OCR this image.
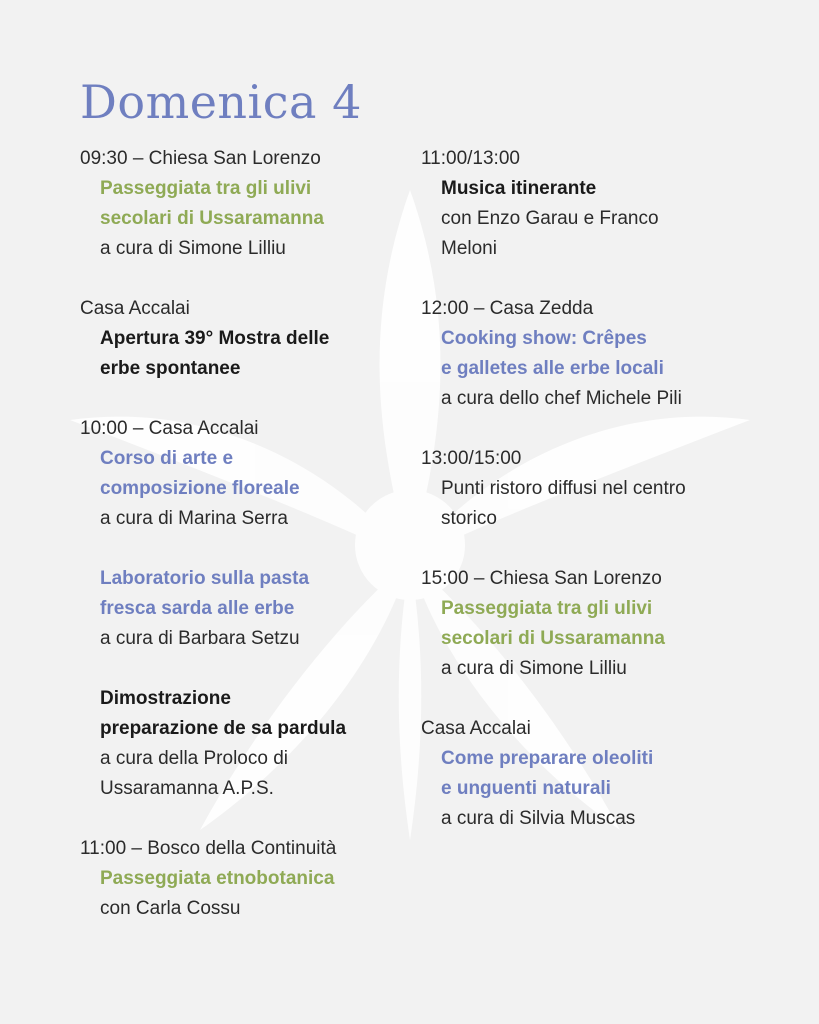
Domenica 4
09:30 – Chiesa San Lorenzo
Passeggiata tra gli ulivi
secolari di Ussaramanna
a cura di Simone Lilliu
Casa Accalai
Apertura 39° Mostra delle
erbe spontanee
10:00 – Casa Accalai
Corso di arte e
composizione floreale
a cura di Marina Serra
Laboratorio sulla pasta
fresca sarda alle erbe
a cura di Barbara Setzu
Dimostrazione
preparazione de sa pardula
a cura della Proloco di
Ussaramanna A.P.S.
11:00 – Bosco della Continuità
Passeggiata etnobotanica
con Carla Cossu
11:00/13:00
Musica itinerante
con Enzo Garau e Franco
Meloni
12:00 – Casa Zedda
Cooking show: Crêpes
e galletes alle erbe locali
a cura dello chef Michele Pili
13:00/15:00
Punti ristoro diffusi nel centro
storico
15:00 – Chiesa San Lorenzo
Passeggiata tra gli ulivi
secolari di Ussaramanna
a cura di Simone Lilliu
Casa Accalai
Come preparare oleoliti
e unguenti naturali
a cura di Silvia Muscas
